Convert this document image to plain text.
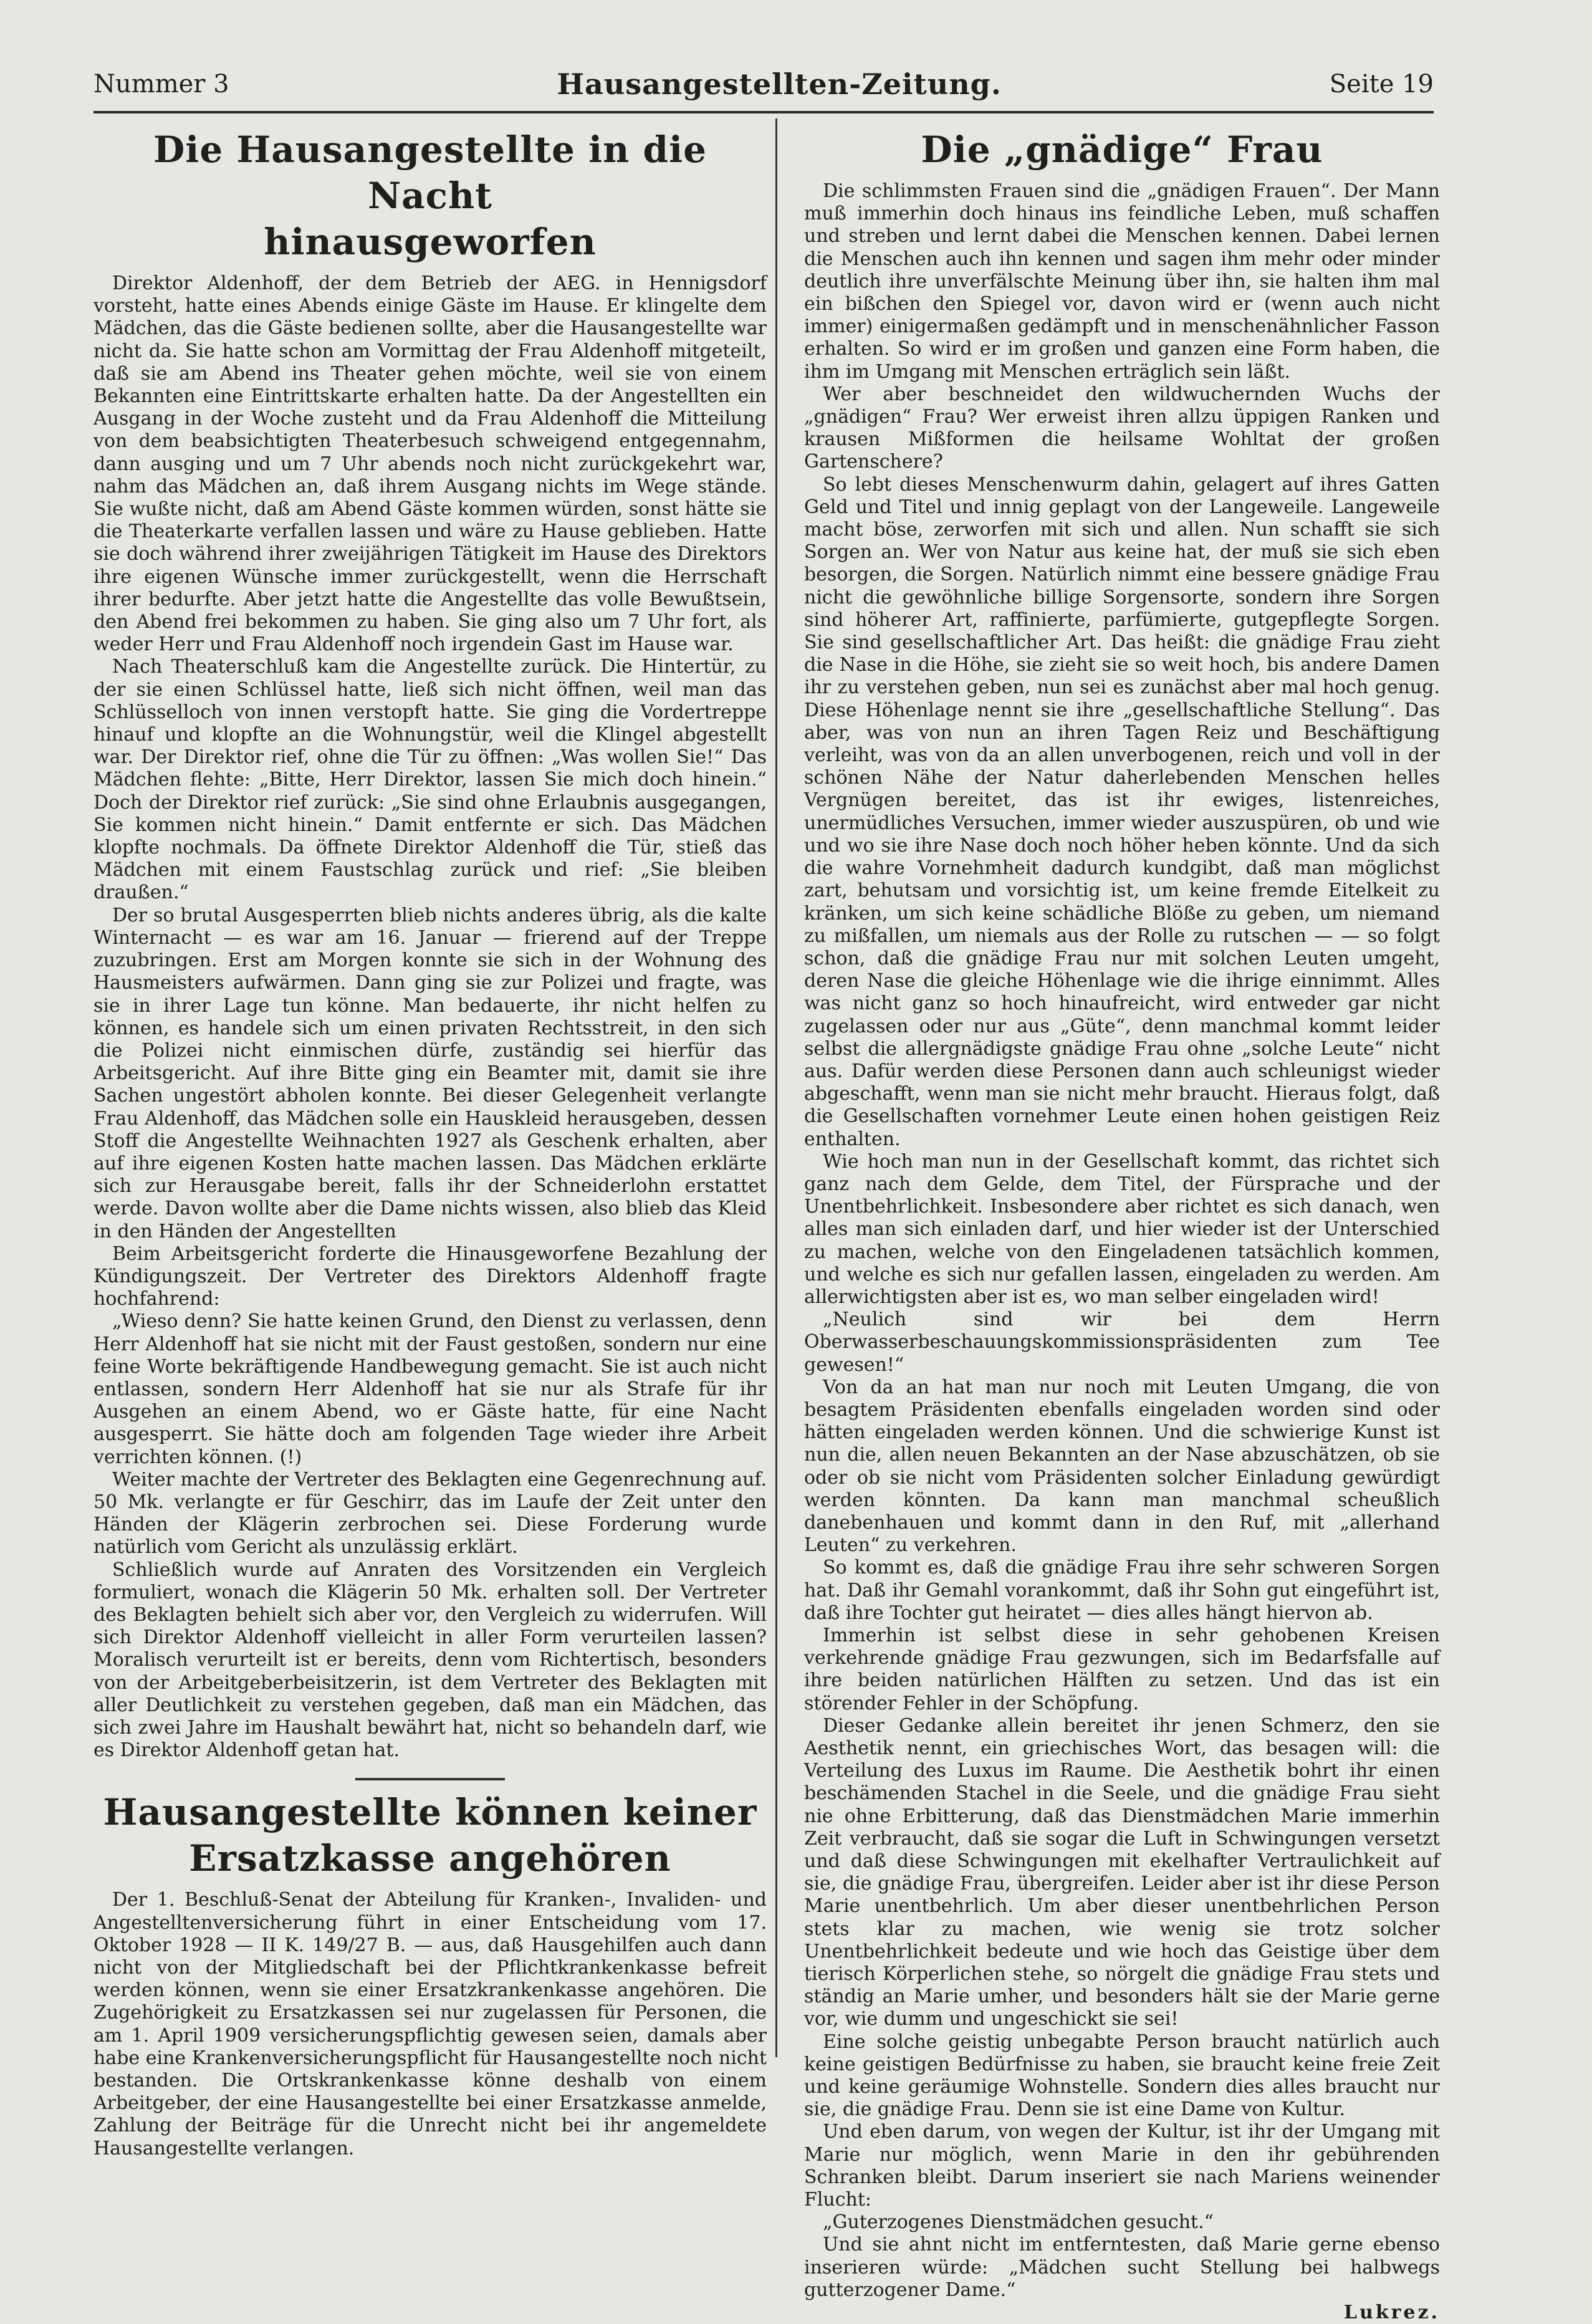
Nummer 3	Hausangestellten-Zeitung.	Seite 19
Die Hausangestellte in die Nacht
hinausgeworfen

Direktor Aldenhoff, der dem Betrieb der AEG. in Hennigsdorf vorsteht, hatte eines Abends einige Gäste im Hause. Er klingelte dem Mädchen, das die Gäste bedienen sollte, aber die Hausangestellte war nicht da. Sie hatte schon am Vormittag der Frau Aldenhoff mitgeteilt, daß sie am Abend ins Theater gehen möchte, weil sie von einem Bekannten eine Eintrittskarte erhalten hatte. Da der Angestellten ein Ausgang in der Woche zusteht und da Frau Aldenhoff die Mitteilung von dem beabsichtigten Theaterbesuch schweigend entgegennahm, dann ausging und um 7 Uhr abends noch nicht zurückgekehrt war, nahm das Mädchen an, daß ihrem Ausgang nichts im Wege stände. Sie wußte nicht, daß am Abend Gäste kommen würden, sonst hätte sie die Theaterkarte verfallen lassen und wäre zu Hause geblieben. Hatte sie doch während ihrer zweijährigen Tätigkeit im Hause des Direktors ihre eigenen Wünsche immer zurückgestellt, wenn die Herrschaft ihrer bedurfte. Aber jetzt hatte die Angestellte das volle Bewußtsein, den Abend frei bekommen zu haben. Sie ging also um 7 Uhr fort, als weder Herr und Frau Aldenhoff noch irgendein Gast im Hause war.

Nach Theaterschluß kam die Angestellte zurück. Die Hintertür, zu der sie einen Schlüssel hatte, ließ sich nicht öffnen, weil man das Schlüsselloch von innen verstopft hatte. Sie ging die Vordertreppe hinauf und klopfte an die Wohnungstür, weil die Klingel abgestellt war. Der Direktor rief, ohne die Tür zu öffnen: „Was wollen Sie!“ Das Mädchen flehte: „Bitte, Herr Direktor, lassen Sie mich doch hinein.“ Doch der Direktor rief zurück: „Sie sind ohne Erlaubnis ausgegangen, Sie kommen nicht hinein.“ Damit entfernte er sich. Das Mädchen klopfte nochmals. Da öffnete Direktor Aldenhoff die Tür, stieß das Mädchen mit einem Faustschlag zurück und rief: „Sie bleiben draußen.“

Der so brutal Ausgesperrten blieb nichts anderes übrig, als die kalte Winternacht — es war am 16. Januar — frierend auf der Treppe zuzubringen. Erst am Morgen konnte sie sich in der Wohnung des Hausmeisters aufwärmen. Dann ging sie zur Polizei und fragte, was sie in ihrer Lage tun könne. Man bedauerte, ihr nicht helfen zu können, es handele sich um einen privaten Rechtsstreit, in den sich die Polizei nicht einmischen dürfe, zuständig sei hierfür das Arbeitsgericht. Auf ihre Bitte ging ein Beamter mit, damit sie ihre Sachen ungestört abholen konnte. Bei dieser Gelegenheit verlangte Frau Aldenhoff, das Mädchen solle ein Hauskleid herausgeben, dessen Stoff die Angestellte Weihnachten 1927 als Geschenk erhalten, aber auf ihre eigenen Kosten hatte machen lassen. Das Mädchen erklärte sich zur Herausgabe bereit, falls ihr der Schneiderlohn erstattet werde. Davon wollte aber die Dame nichts wissen, also blieb das Kleid in den Händen der Angestellten

Beim Arbeitsgericht forderte die Hinausgeworfene Bezahlung der Kündigungszeit. Der Vertreter des Direktors Aldenhoff fragte hochfahrend:

„Wieso denn? Sie hatte keinen Grund, den Dienst zu verlassen, denn Herr Aldenhoff hat sie nicht mit der Faust gestoßen, sondern nur eine feine Worte bekräftigende Handbewegung gemacht. Sie ist auch nicht entlassen, sondern Herr Aldenhoff hat sie nur als Strafe für ihr Ausgehen an einem Abend, wo er Gäste hatte, für eine Nacht ausgesperrt. Sie hätte doch am folgenden Tage wieder ihre Arbeit verrichten können. (!)

Weiter machte der Vertreter des Beklagten eine Gegenrechnung auf. 50 Mk. verlangte er für Geschirr, das im Laufe der Zeit unter den Händen der Klägerin zerbrochen sei. Diese Forderung wurde natürlich vom Gericht als unzulässig erklärt.

Schließlich wurde auf Anraten des Vorsitzenden ein Vergleich formuliert, wonach die Klägerin 50 Mk. erhalten soll. Der Vertreter des Beklagten behielt sich aber vor, den Vergleich zu widerrufen. Will sich Direktor Aldenhoff vielleicht in aller Form verurteilen lassen? Moralisch verurteilt ist er bereits, denn vom Richtertisch, besonders von der Arbeitgeberbeisitzerin, ist dem Vertreter des Beklagten mit aller Deutlichkeit zu verstehen gegeben, daß man ein Mädchen, das sich zwei Jahre im Haushalt bewährt hat, nicht so behandeln darf, wie es Direktor Aldenhoff getan hat.

Hausangestellte können keiner
Ersatzkasse angehören

Der 1. Beschluß-Senat der Abteilung für Kranken-, Invaliden- und Angestelltenversicherung führt in einer Entscheidung vom 17. Oktober 1928 — II K. 149/27 B. — aus, daß Hausgehilfen auch dann nicht von der Mitgliedschaft bei der Pflichtkrankenkasse befreit werden können, wenn sie einer Ersatzkrankenkasse angehören. Die Zugehörigkeit zu Ersatzkassen sei nur zugelassen für Personen, die am 1. April 1909 versicherungspflichtig gewesen seien, damals aber habe eine Krankenversicherungspflicht für Hausangestellte noch nicht bestanden. Die Ortskrankenkasse könne deshalb von einem Arbeitgeber, der eine Hausangestellte bei einer Ersatzkasse anmelde, Zahlung der Beiträge für die Unrecht nicht bei ihr angemeldete Hausangestellte verlangen.

Die „gnädige“ Frau

Die schlimmsten Frauen sind die „gnädigen Frauen“. Der Mann muß immerhin doch hinaus ins feindliche Leben, muß schaffen und streben und lernt dabei die Menschen kennen. Dabei lernen die Menschen auch ihn kennen und sagen ihm mehr oder minder deutlich ihre unverfälschte Meinung über ihn, sie halten ihm mal ein bißchen den Spiegel vor, davon wird er (wenn auch nicht immer) einigermaßen gedämpft und in menschenähnlicher Fasson erhalten. So wird er im großen und ganzen eine Form haben, die ihm im Umgang mit Menschen erträglich sein läßt.

Wer aber beschneidet den wildwuchernden Wuchs der „gnädigen“ Frau? Wer erweist ihren allzu üppigen Ranken und krausen Mißformen die heilsame Wohltat der großen Gartenschere?

So lebt dieses Menschenwurm dahin, gelagert auf ihres Gatten Geld und Titel und innig geplagt von der Langeweile. Langeweile macht böse, zerworfen mit sich und allen. Nun schafft sie sich Sorgen an. Wer von Natur aus keine hat, der muß sie sich eben besorgen, die Sorgen. Natürlich nimmt eine bessere gnädige Frau nicht die gewöhnliche billige Sorgensorte, sondern ihre Sorgen sind höherer Art, raffinierte, parfümierte, gutgepflegte Sorgen. Sie sind gesellschaftlicher Art. Das heißt: die gnädige Frau zieht die Nase in die Höhe, sie zieht sie so weit hoch, bis andere Damen ihr zu verstehen geben, nun sei es zunächst aber mal hoch genug. Diese Höhenlage nennt sie ihre „gesellschaftliche Stellung“. Das aber, was von nun an ihren Tagen Reiz und Beschäftigung verleiht, was von da an allen unverbogenen, reich und voll in der schönen Nähe der Natur daherlebenden Menschen helles Vergnügen bereitet, das ist ihr ewiges, listenreiches, unermüdliches Versuchen, immer wieder auszuspüren, ob und wie und wo sie ihre Nase doch noch höher heben könnte. Und da sich die wahre Vornehmheit dadurch kundgibt, daß man möglichst zart, behutsam und vorsichtig ist, um keine fremde Eitelkeit zu kränken, um sich keine schädliche Blöße zu geben, um niemand zu mißfallen, um niemals aus der Rolle zu rutschen — — so folgt schon, daß die gnädige Frau nur mit solchen Leuten umgeht, deren Nase die gleiche Höhenlage wie die ihrige einnimmt. Alles was nicht ganz so hoch hinaufreicht, wird entweder gar nicht zugelassen oder nur aus „Güte“, denn manchmal kommt leider selbst die allergnädigste gnädige Frau ohne „solche Leute“ nicht aus. Dafür werden diese Personen dann auch schleunigst wieder abgeschafft, wenn man sie nicht mehr braucht. Hieraus folgt, daß die Gesellschaften vornehmer Leute einen hohen geistigen Reiz enthalten.

Wie hoch man nun in der Gesellschaft kommt, das richtet sich ganz nach dem Gelde, dem Titel, der Fürsprache und der Unentbehrlichkeit. Insbesondere aber richtet es sich danach, wen alles man sich einladen darf, und hier wieder ist der Unterschied zu machen, welche von den Eingeladenen tatsächlich kommen, und welche es sich nur gefallen lassen, eingeladen zu werden. Am allerwichtigsten aber ist es, wo man selber eingeladen wird!

„Neulich sind wir bei dem Herrn Oberwasserbeschauungskommissionspräsidenten zum Tee gewesen!“

Von da an hat man nur noch mit Leuten Umgang, die von besagtem Präsidenten ebenfalls eingeladen worden sind oder hätten eingeladen werden können. Und die schwierige Kunst ist nun die, allen neuen Bekannten an der Nase abzuschätzen, ob sie oder ob sie nicht vom Präsidenten solcher Einladung gewürdigt werden könnten. Da kann man manchmal scheußlich danebenhauen und kommt dann in den Ruf, mit „allerhand Leuten“ zu verkehren.

So kommt es, daß die gnädige Frau ihre sehr schweren Sorgen hat. Daß ihr Gemahl vorankommt, daß ihr Sohn gut eingeführt ist, daß ihre Tochter gut heiratet — dies alles hängt hiervon ab.

Immerhin ist selbst diese in sehr gehobenen Kreisen verkehrende gnädige Frau gezwungen, sich im Bedarfsfalle auf ihre beiden natürlichen Hälften zu setzen. Und das ist ein störender Fehler in der Schöpfung.

Dieser Gedanke allein bereitet ihr jenen Schmerz, den sie Aesthetik nennt, ein griechisches Wort, das besagen will: die Verteilung des Luxus im Raume. Die Aesthetik bohrt ihr einen beschämenden Stachel in die Seele, und die gnädige Frau sieht nie ohne Erbitterung, daß das Dienstmädchen Marie immerhin Zeit verbraucht, daß sie sogar die Luft in Schwingungen versetzt und daß diese Schwingungen mit ekelhafter Vertraulichkeit auf sie, die gnädige Frau, übergreifen. Leider aber ist ihr diese Person Marie unentbehrlich. Um aber dieser unentbehrlichen Person stets klar zu machen, wie wenig sie trotz solcher Unentbehrlichkeit bedeute und wie hoch das Geistige über dem tierisch Körperlichen stehe, so nörgelt die gnädige Frau stets und ständig an Marie umher, und besonders hält sie der Marie gerne vor, wie dumm und ungeschickt sie sei!

Eine solche geistig unbegabte Person braucht natürlich auch keine geistigen Bedürfnisse zu haben, sie braucht keine freie Zeit und keine geräumige Wohnstelle. Sondern dies alles braucht nur sie, die gnädige Frau. Denn sie ist eine Dame von Kultur.

Und eben darum, von wegen der Kultur, ist ihr der Umgang mit Marie nur möglich, wenn Marie in den ihr gebührenden Schranken bleibt. Darum inseriert sie nach Mariens weinender Flucht:

„Guterzogenes Dienstmädchen gesucht.“

Und sie ahnt nicht im entferntesten, daß Marie gerne ebenso inserieren würde: „Mädchen sucht Stellung bei halbwegs gutterzogener Dame.“

Lukrez.
